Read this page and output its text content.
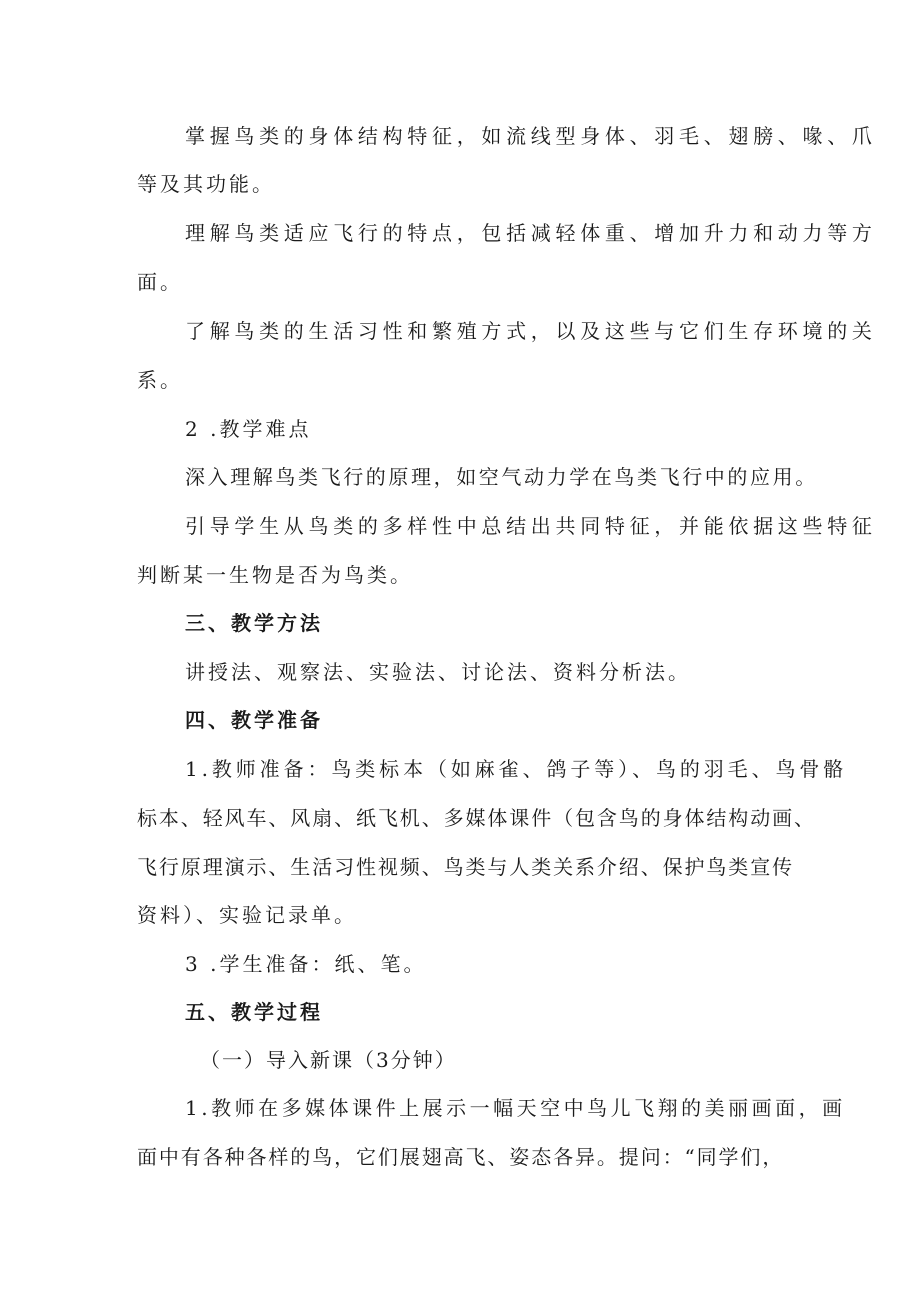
掌握鸟类的身体结构特征，如流线型身体、羽毛、翅膀、喙、爪
等及其功能。
理解鸟类适应飞行的特点，包括减轻体重、增加升力和动力等方
面。
了解鸟类的生活习性和繁殖方式，以及这些与它们生存环境的关
系。
2 .教学难点
深入理解鸟类飞行的原理，如空气动力学在鸟类飞行中的应用。
引导学生从鸟类的多样性中总结出共同特征，并能依据这些特征
判断某一生物是否为鸟类。
三、教学方法
讲授法、观察法、实验法、讨论法、资料分析法。
四、教学准备
1.教师准备：鸟类标本（如麻雀、鸽子等）、鸟的羽毛、鸟骨骼
标本、轻风车、风扇、纸飞机、多媒体课件（包含鸟的身体结构动画、
飞行原理演示、生活习性视频、鸟类与人类关系介绍、保护鸟类宣传
资料）、实验记录单。
3 .学生准备：纸、笔。
五、教学过程
（一）导入新课（3分钟）
1.教师在多媒体课件上展示一幅天空中鸟儿飞翔的美丽画面，画
面中有各种各样的鸟，它们展翅高飞、姿态各异。提问：“同学们，
